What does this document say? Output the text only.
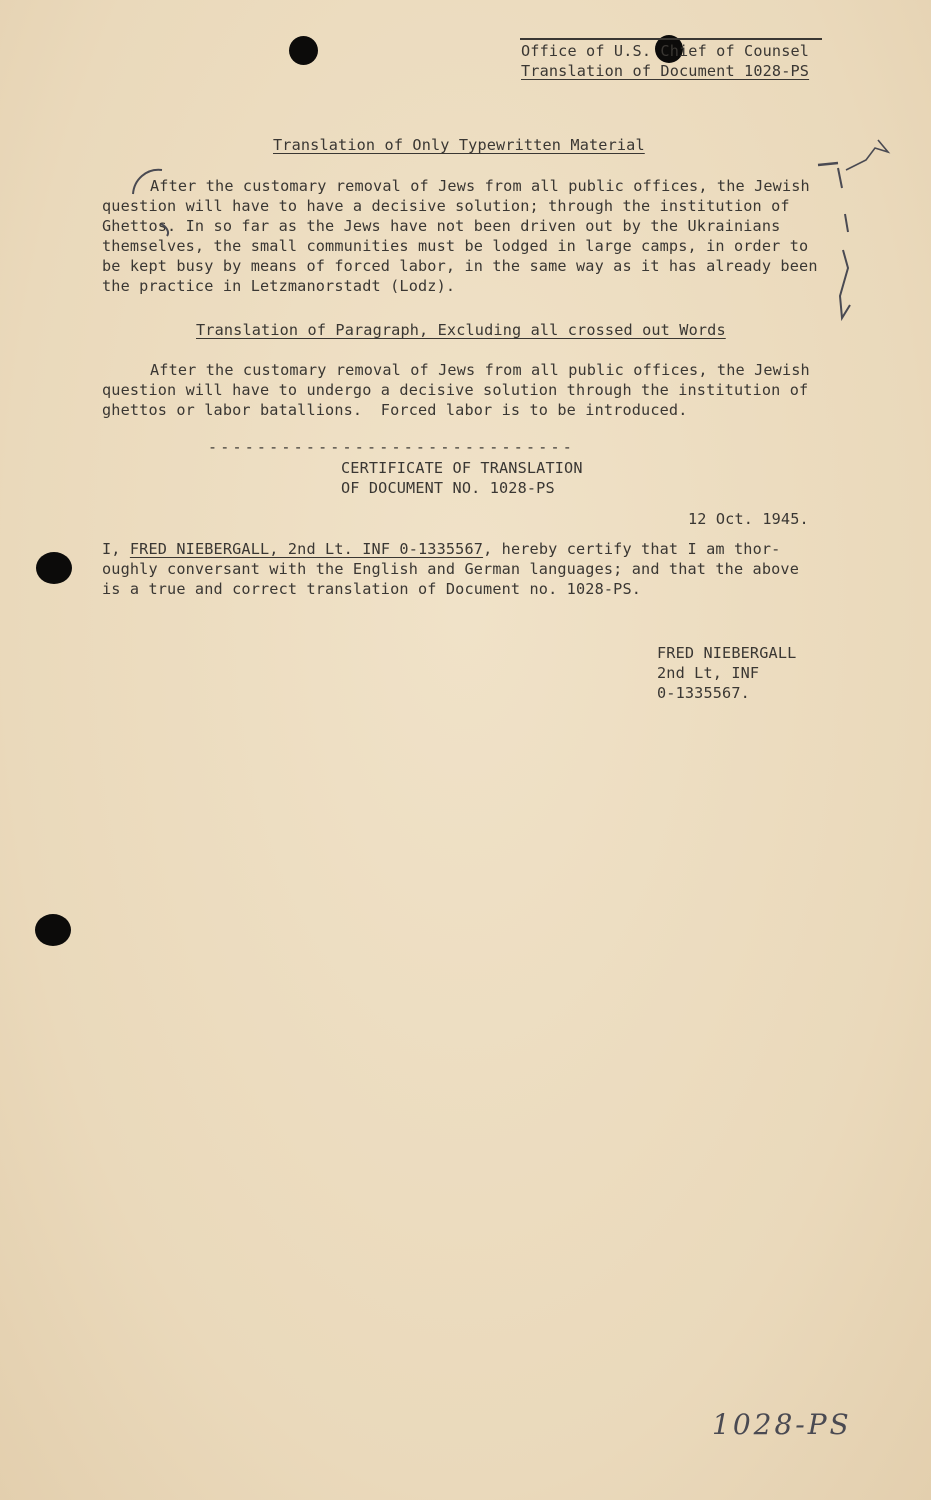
Office of U.S. Chief of Counsel
Translation of Document 1028-PS
Translation of Only Typewritten Material
After the customary removal of Jews from all public offices, the Jewish
question will have to have a decisive solution; through the institution of
Ghettos. In so far as the Jews have not been driven out by the Ukrainians
themselves, the small communities must be lodged in large camps, in order to
be kept busy by means of forced labor, in the same way as it has already been
the practice in Letzmanorstadt (Lodz).
Translation of Paragraph, Excluding all crossed out Words
After the customary removal of Jews from all public offices, the Jewish
question will have to undergo a decisive solution through the institution of
ghettos or labor batallions.  Forced labor is to be introduced.
------------------------------
CERTIFICATE OF TRANSLATION
OF DOCUMENT NO. 1028-PS
12 Oct. 1945.
I, FRED NIEBERGALL, 2nd Lt. INF 0-1335567, hereby certify that I am thor-
oughly conversant with the English and German languages; and that the above
is a true and correct translation of Document no. 1028-PS.
FRED NIEBERGALL
2nd Lt, INF
0-1335567.
1028-PS
